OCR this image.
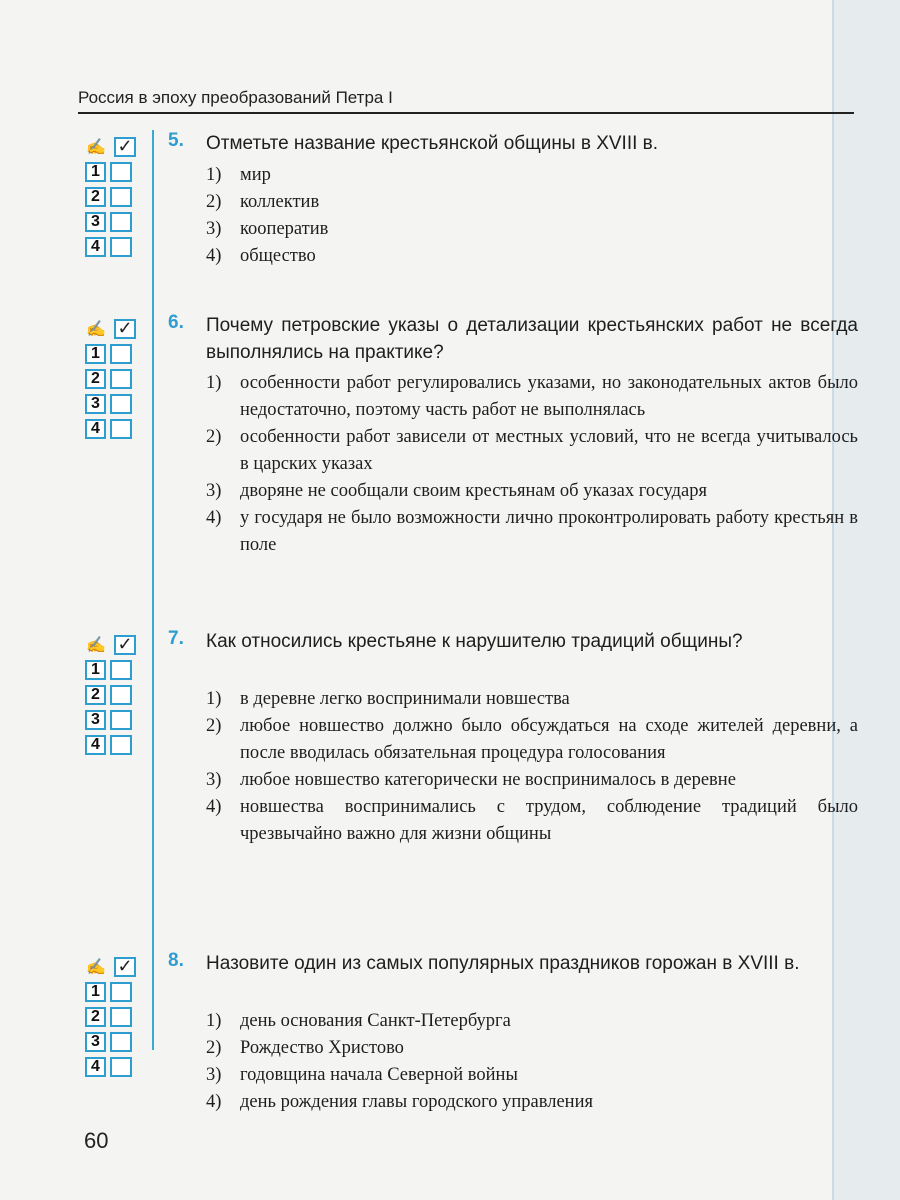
Россия в эпоху преобразований Петра I
✍ ✓
1
2
3
4
5. Отметьте название крестьянской общины в XVIII в.
1)	мир
2)	коллектив
3)	кооператив
4)	общество
✍ ✓
1
2
3
4
6. Почему петровские указы о детализации крестьянских работ не всегда выполнялись на практике?
1)	особенности работ регулировались указами, но законодательных актов было недостаточно, поэтому часть работ не выполнялась
2)	особенности работ зависели от местных условий, что не всегда учитывалось в царских указах
3)	дворяне не сообщали своим крестьянам об указах государя
4)	у государя не было возможности лично проконтролировать работу крестьян в поле
✍ ✓
1
2
3
4
7. Как относились крестьяне к нарушителю традиций общины?
1)	в деревне легко воспринимали новшества
2)	любое новшество должно было обсуждаться на сходе жителей деревни, а после вводилась обязательная процедура голосования
3)	любое новшество категорически не воспринималось в деревне
4)	новшества воспринимались с трудом, соблюдение традиций было чрезвычайно важно для жизни общины
✍ ✓
1
2
3
4
8. Назовите один из самых популярных праздников горожан в XVIII в.
1)	день основания Санкт-Петербурга
2)	Рождество Христово
3)	годовщина начала Северной войны
4)	день рождения главы городского управления
60
